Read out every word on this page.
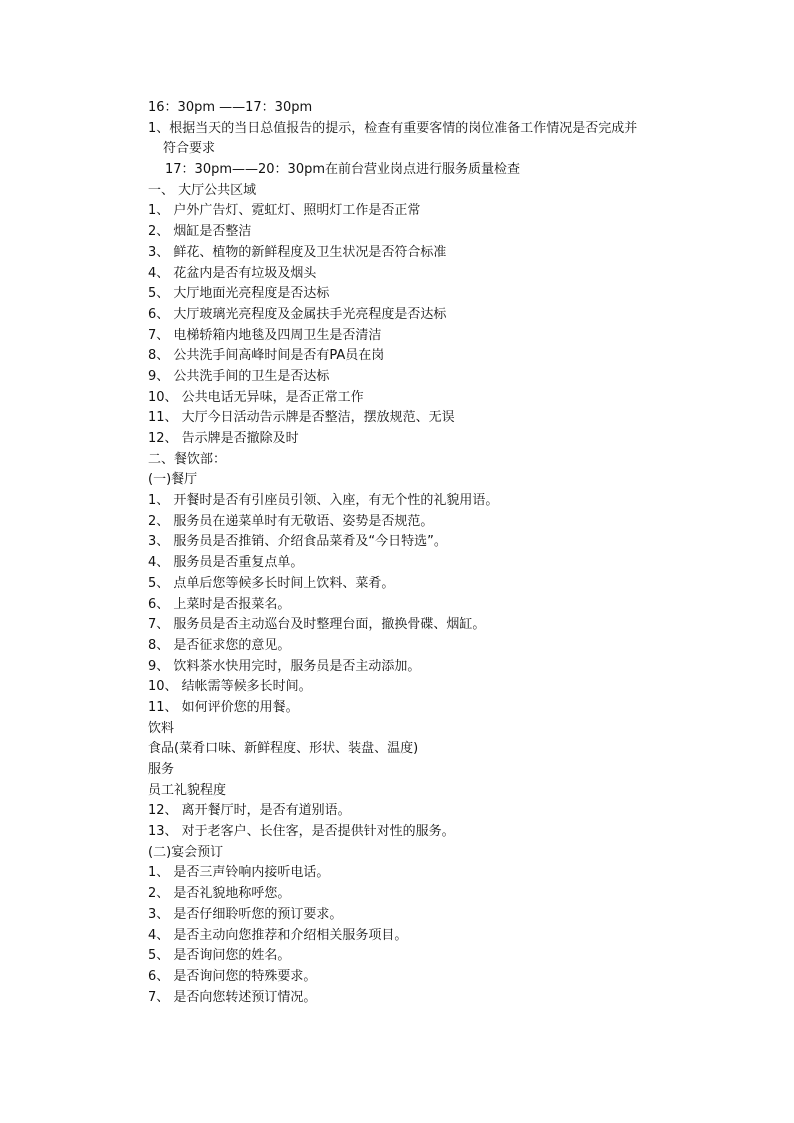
16：30pm ——17：30pm
1、根据当天的当日总值报告的提示，检查有重要客情的岗位准备工作情况是否完成并
符合要求
17：30pm——20：30pm在前台营业岗点进行服务质量检查
一、 大厅公共区域
1、 户外广告灯、霓虹灯、照明灯工作是否正常
2、 烟缸是否整洁
3、 鲜花、植物的新鲜程度及卫生状况是否符合标准
4、 花盆内是否有垃圾及烟头
5、 大厅地面光亮程度是否达标
6、 大厅玻璃光亮程度及金属扶手光亮程度是否达标
7、 电梯轿箱内地毯及四周卫生是否清洁
8、 公共洗手间高峰时间是否有PA员在岗
9、 公共洗手间的卫生是否达标
10、 公共电话无异味，是否正常工作
11、 大厅今日活动告示牌是否整洁，摆放规范、无误
12、 告示牌是否撤除及时
二、餐饮部：
(一)餐厅
1、 开餐时是否有引座员引领、入座，有无个性的礼貌用语。
2、 服务员在递菜单时有无敬语、姿势是否规范。
3、 服务员是否推销、介绍食品菜肴及“今日特选”。
4、 服务员是否重复点单。
5、 点单后您等候多长时间上饮料、菜肴。
6、 上菜时是否报菜名。
7、 服务员是否主动巡台及时整理台面，撤换骨碟、烟缸。
8、 是否征求您的意见。
9、 饮料茶水快用完时，服务员是否主动添加。
10、 结帐需等候多长时间。
11、 如何评价您的用餐。
饮料
食品(菜肴口味、新鲜程度、形状、装盘、温度)
服务
员工礼貌程度
12、 离开餐厅时，是否有道别语。
13、 对于老客户、长住客，是否提供针对性的服务。
(二)宴会预订
1、 是否三声铃响内接听电话。
2、 是否礼貌地称呼您。
3、 是否仔细聆听您的预订要求。
4、 是否主动向您推荐和介绍相关服务项目。
5、 是否询问您的姓名。
6、 是否询问您的特殊要求。
7、 是否向您转述预订情况。
